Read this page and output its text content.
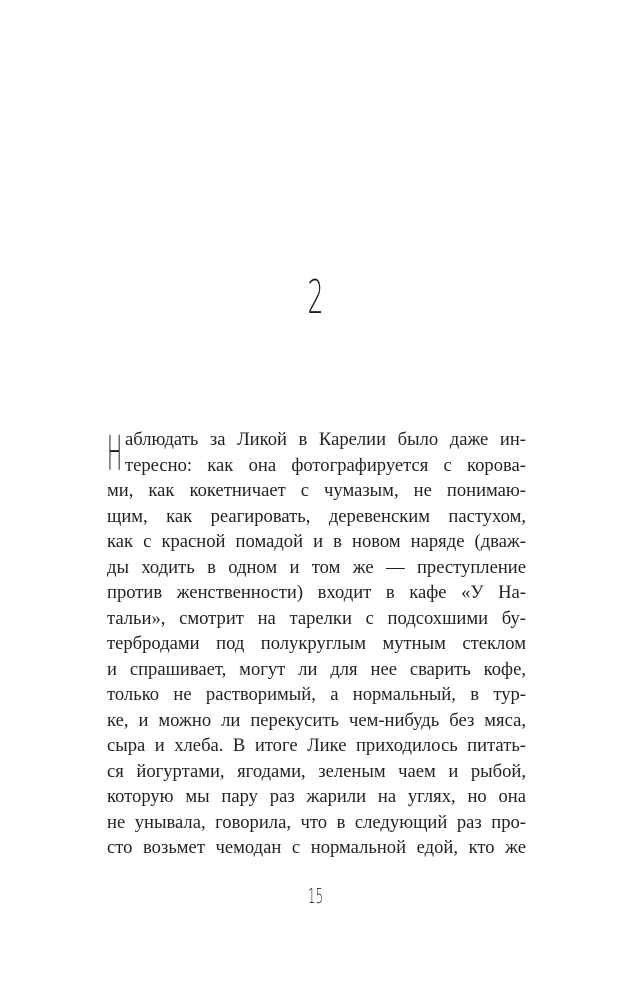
2
Н аблюдать за Ликой в Карелии было даже ин-
тересно: как она фотографируется с корова-
ми, как кокетничает с чумазым, не понимаю-
щим, как реагировать, деревенским пастухом,
как с красной помадой и в новом наряде (дваж-
ды ходить в одном и том же — преступление
против женственности) входит в кафе «У На-
тальи», смотрит на тарелки с подсохшими бу-
тербродами под полукруглым мутным стеклом
и спрашивает, могут ли для нее сварить кофе,
только не растворимый, а нормальный, в тур-
ке, и можно ли перекусить чем-нибудь без мяса,
сыра и хлеба. В итоге Лике приходилось питать-
ся йогуртами, ягодами, зеленым чаем и рыбой,
которую мы пару раз жарили на углях, но она
не унывала, говорила, что в следующий раз про-
сто возьмет чемодан с нормальной едой, кто же
15
